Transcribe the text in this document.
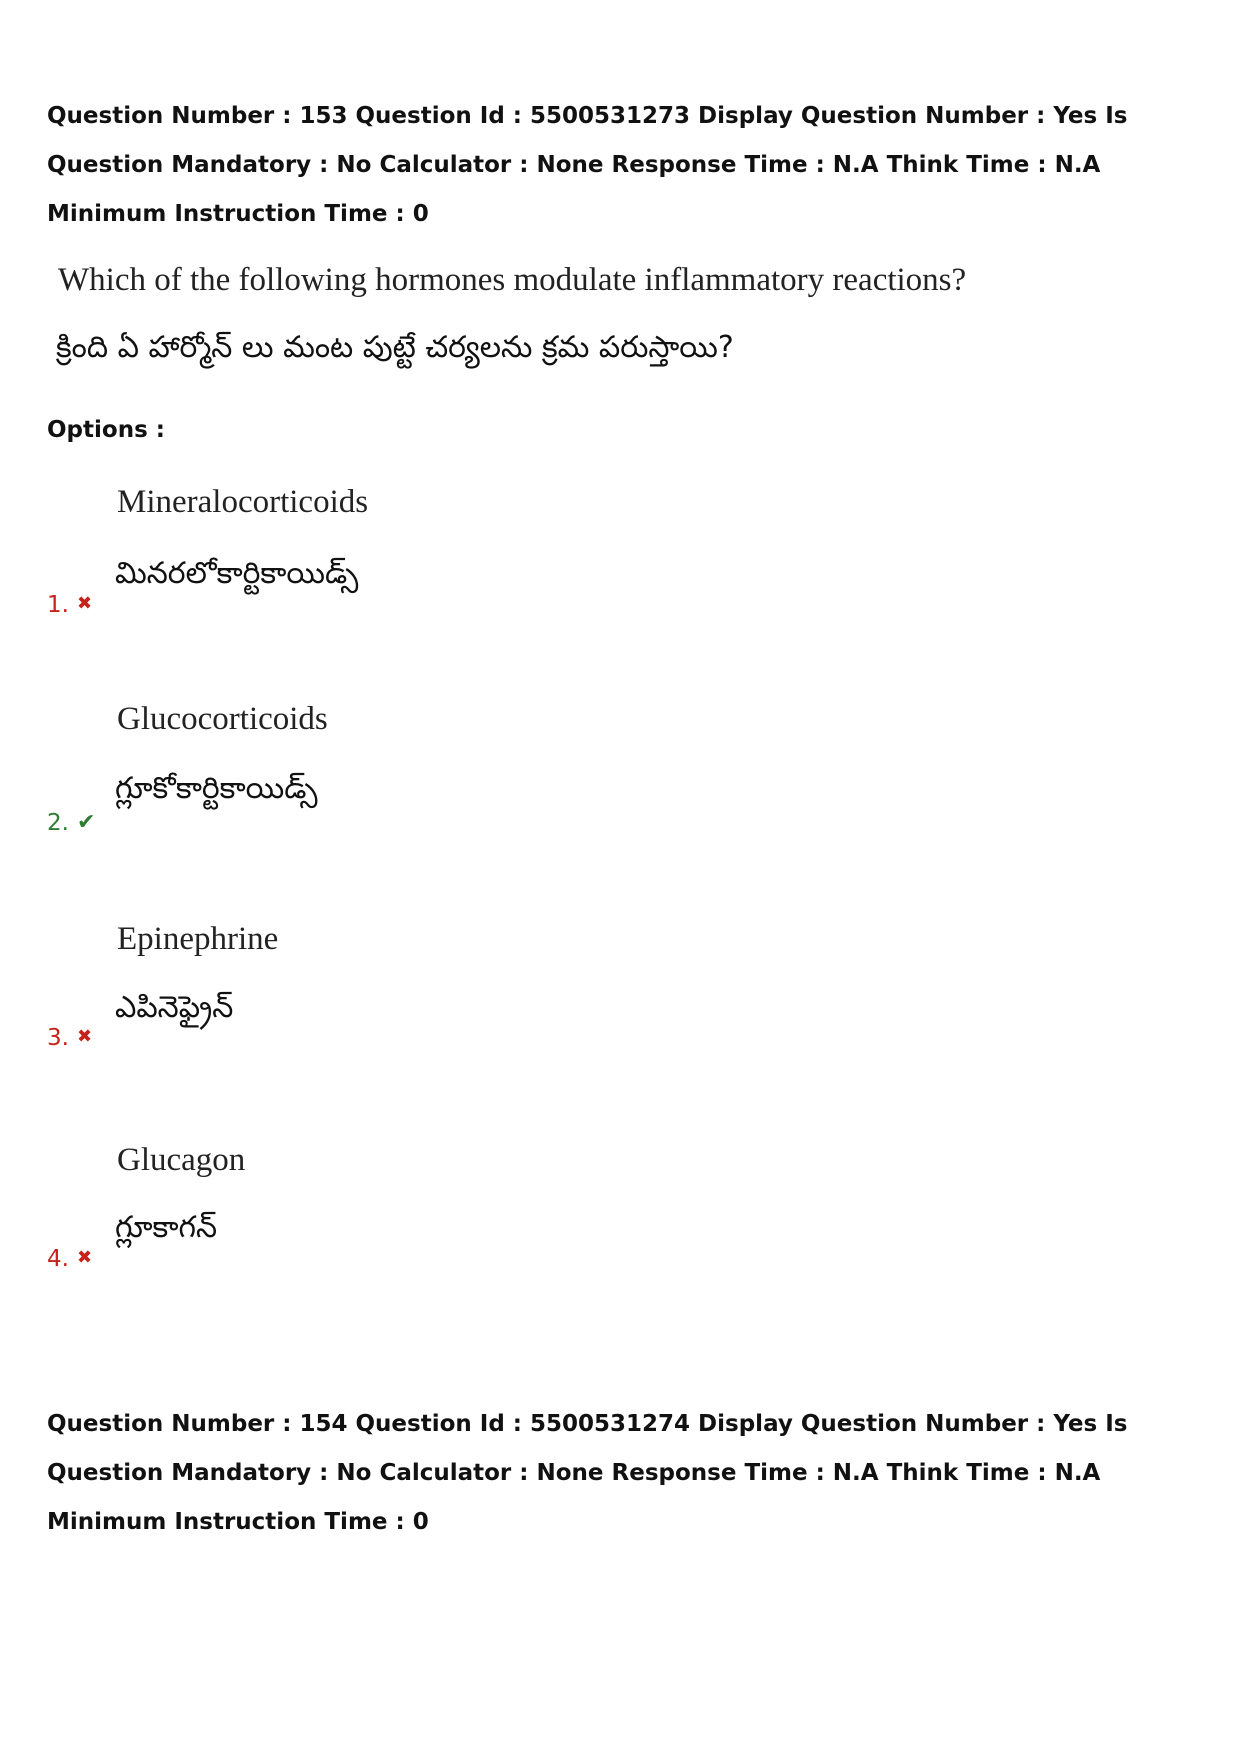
Question Number : 153 Question Id : 5500531273 Display Question Number : Yes Is Question Mandatory : No Calculator : None Response Time : N.A Think Time : N.A Minimum Instruction Time : 0
Which of the following hormones modulate inflammatory reactions?
క్రింది ఏ హార్మోన్ లు మంట పుట్టే చర్యలను క్రమ పరుస్తాయి?
Options :
Mineralocorticoids
మినరలోకార్టికాయిడ్స్
1. ✖
Glucocorticoids
గ్లూకోకార్టికాయిడ్స్
2. ✔
Epinephrine
ఎపినెఫ్రైన్
3. ✖
Glucagon
గ్లూకాగన్
4. ✖
Question Number : 154 Question Id : 5500531274 Display Question Number : Yes Is Question Mandatory : No Calculator : None Response Time : N.A Think Time : N.A Minimum Instruction Time : 0
